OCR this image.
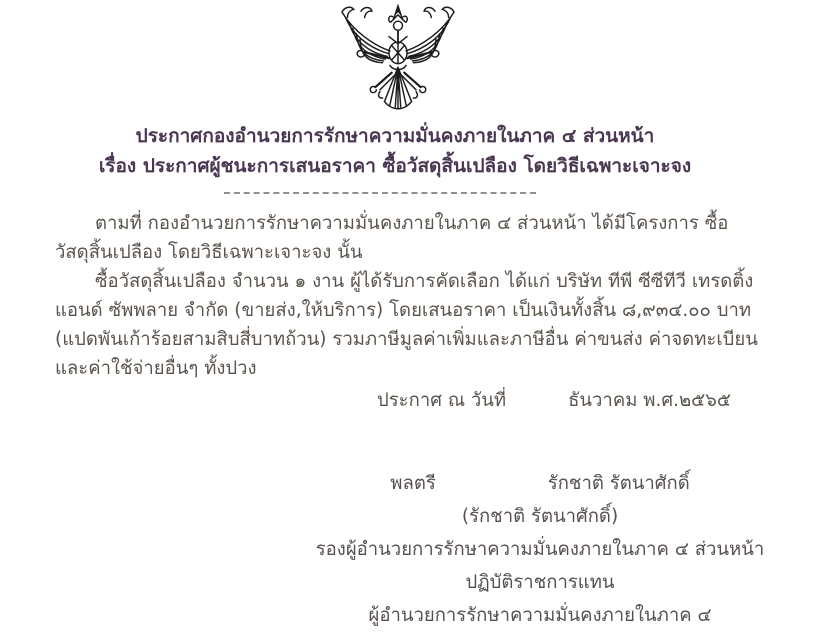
ประกาศกองอำนวยการรักษาความมั่นคงภายในภาค ๔ ส่วนหน้า
เรื่อง ประกาศผู้ชนะการเสนอราคา ซื้อวัสดุสิ้นเปลือง โดยวิธีเฉพาะเจาะจง

ตามที่ กองอำนวยการรักษาความมั่นคงภายในภาค ๔ ส่วนหน้า ได้มีโครงการ ซื้อวัสดุสิ้นเปลือง โดยวิธีเฉพาะเจาะจง นั้น

ซื้อวัสดุสิ้นเปลือง จำนวน ๑ งาน ผู้ได้รับการคัดเลือก ได้แก่ บริษัท ทีพี ซีซีทีวี เทรดติ้ง แอนด์ ซัพพลาย จำกัด (ขายส่ง,ให้บริการ) โดยเสนอราคา เป็นเงินทั้งสิ้น ๘,๙๓๔.๐๐ บาท (แปดพันเก้าร้อยสามสิบสี่บาทถ้วน) รวมภาษีมูลค่าเพิ่มและภาษีอื่น ค่าขนส่ง ค่าจดทะเบียน และค่าใช้จ่ายอื่นๆ ทั้งปวง

ประกาศ ณ วันที่	ธันวาคม พ.ศ.๒๕๖๕
พลตรี	รักชาติ รัตนาศักดิ์
(รักชาติ รัตนาศักดิ์)
รองผู้อำนวยการรักษาความมั่นคงภายในภาค ๔ ส่วนหน้า
ปฏิบัติราชการแทน
ผู้อำนวยการรักษาความมั่นคงภายในภาค ๔
